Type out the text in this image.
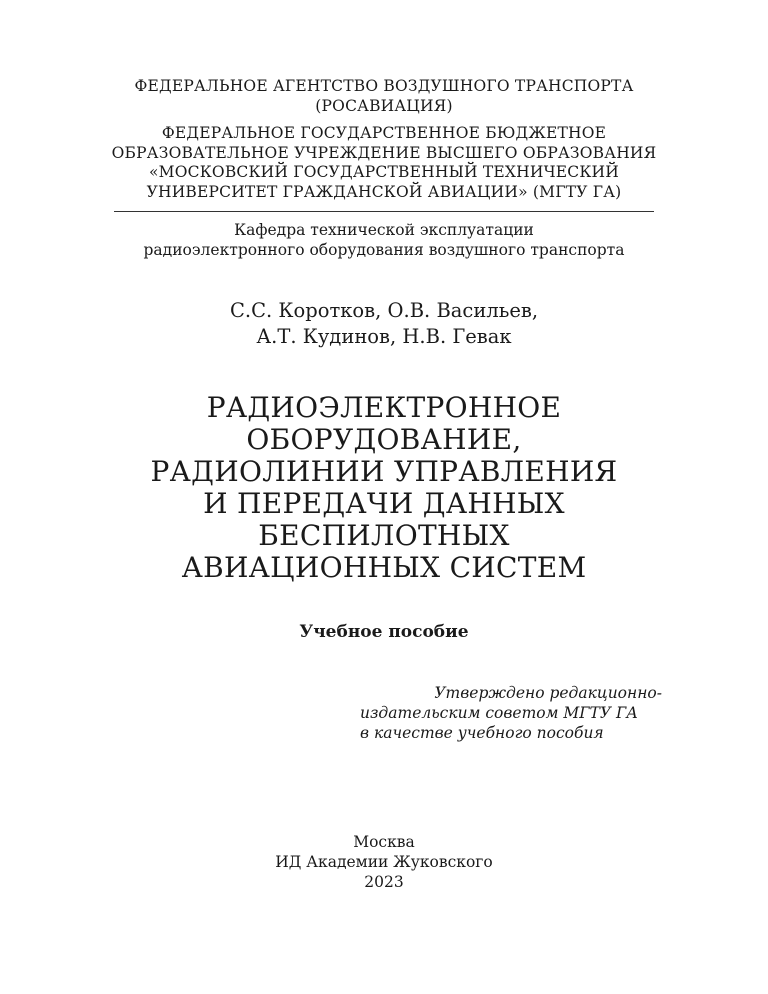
ФЕДЕРАЛЬНОЕ АГЕНТСТВО ВОЗДУШНОГО ТРАНСПОРТА
(РОСАВИАЦИЯ)
ФЕДЕРАЛЬНОЕ ГОСУДАРСТВЕННОЕ БЮДЖЕТНОЕ
ОБРАЗОВАТЕЛЬНОЕ УЧРЕЖДЕНИЕ ВЫСШЕГО ОБРАЗОВАНИЯ
«МОСКОВСКИЙ ГОСУДАРСТВЕННЫЙ ТЕХНИЧЕСКИЙ
УНИВЕРСИТЕТ ГРАЖДАНСКОЙ АВИАЦИИ» (МГТУ ГА)
Кафедра технической эксплуатации
радиоэлектронного оборудования воздушного транспорта
С.С. Коротков, О.В. Васильев,
А.Т. Кудинов, Н.В. Гевак
РАДИОЭЛЕКТРОННОЕ
ОБОРУДОВАНИЕ,
РАДИОЛИНИИ УПРАВЛЕНИЯ
И ПЕРЕДАЧИ ДАННЫХ
БЕСПИЛОТНЫХ
АВИАЦИОННЫХ СИСТЕМ
Учебное пособие
Утверждено редакционно-
издательским советом МГТУ ГА
в качестве учебного пособия
Москва
ИД Академии Жуковского
2023
